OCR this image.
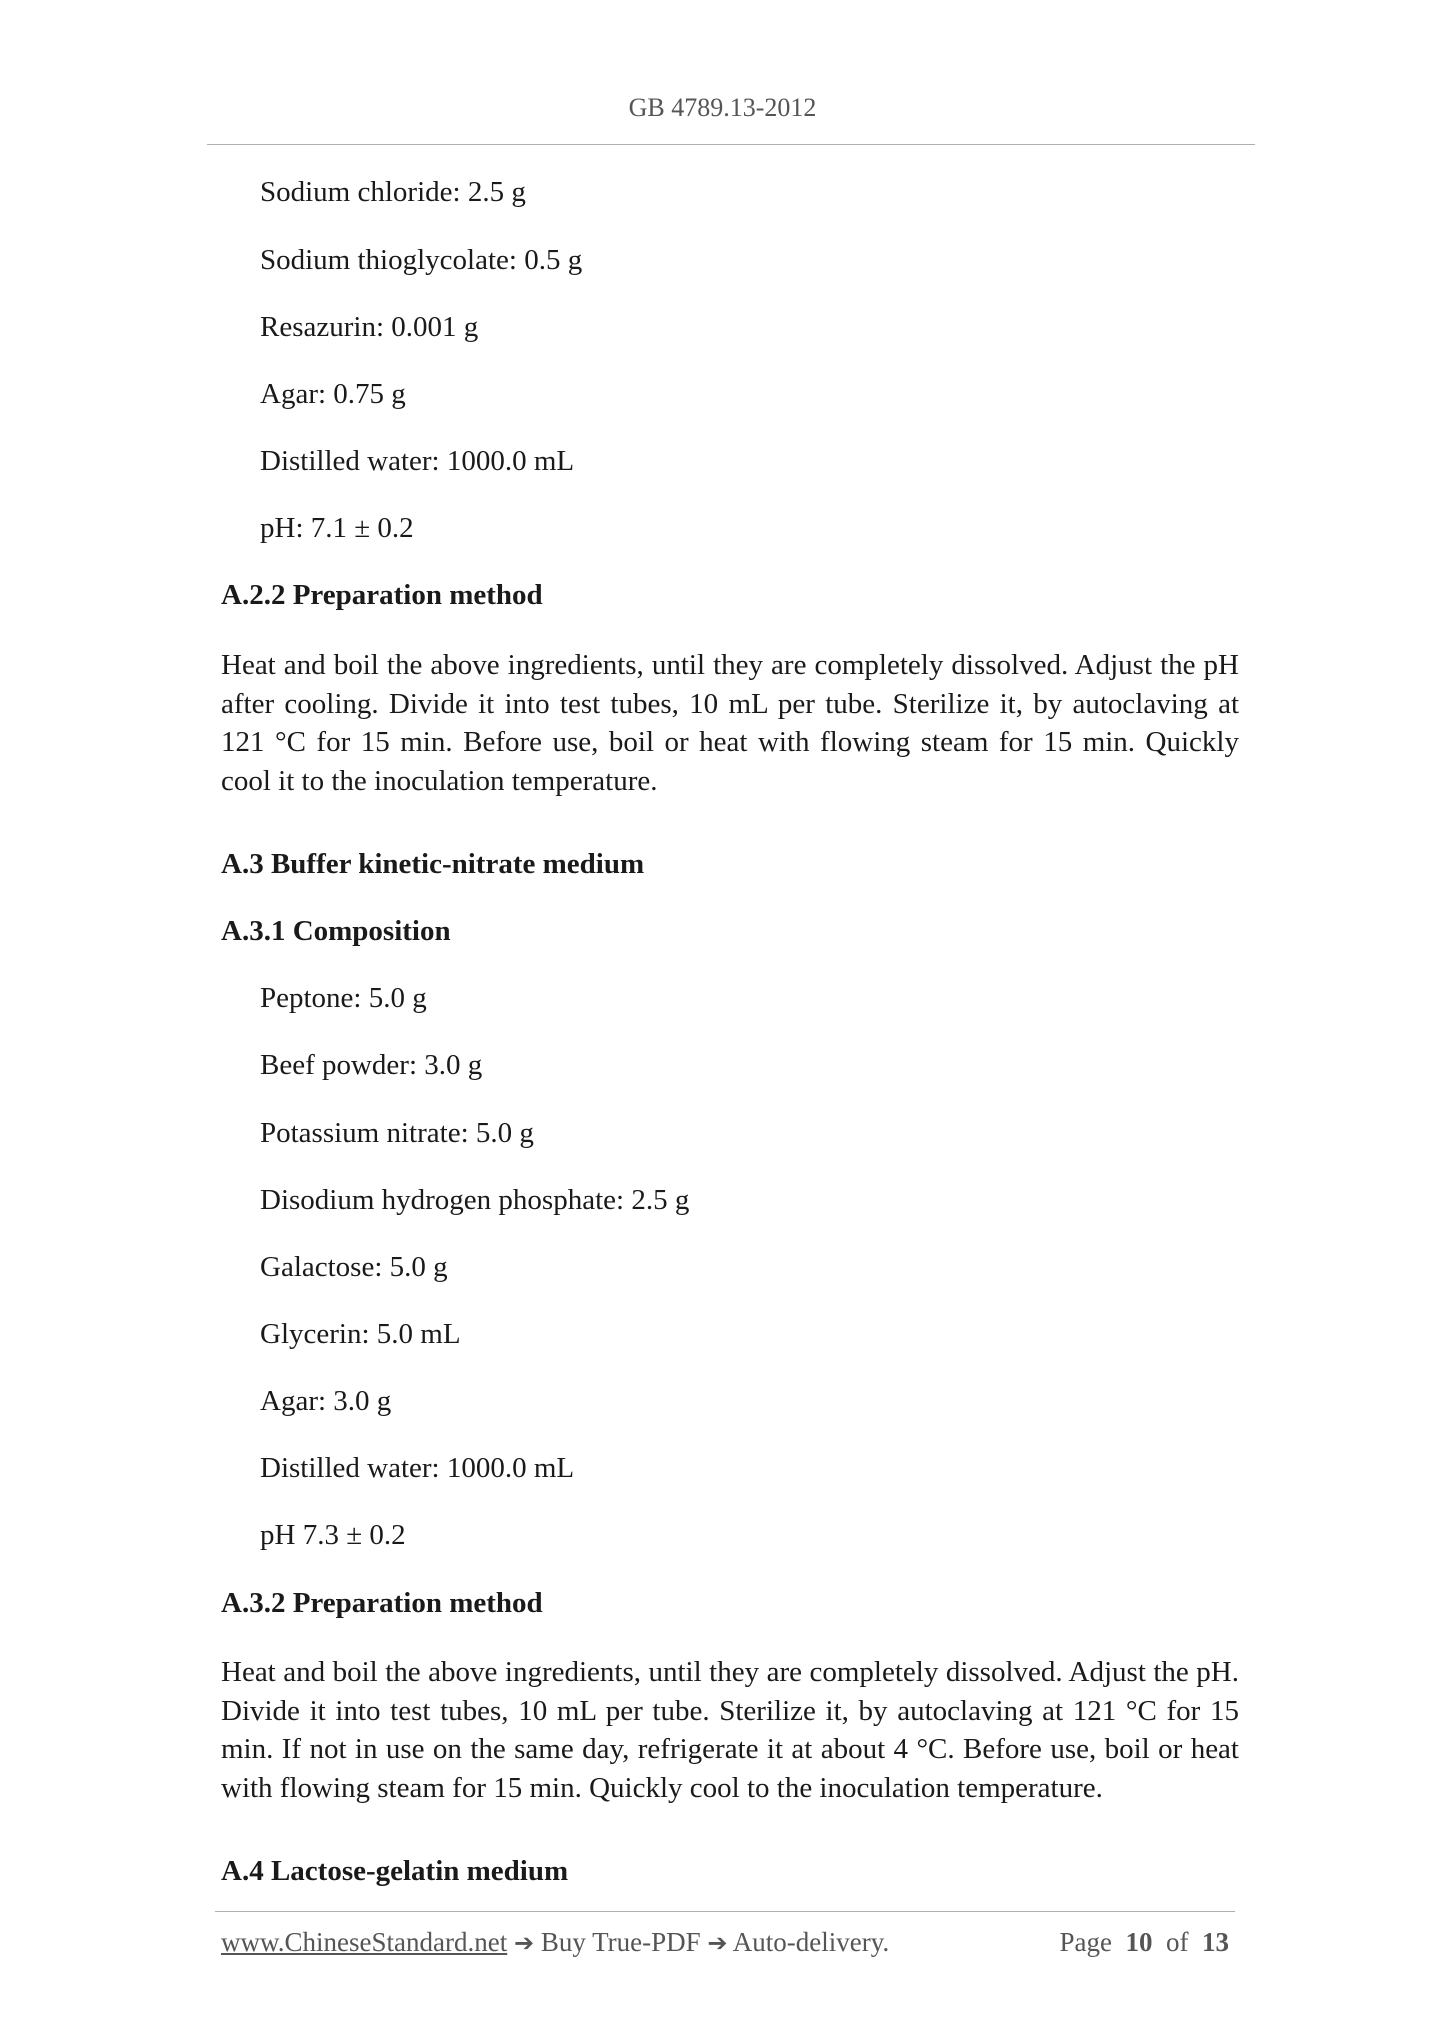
GB 4789.13-2012
Sodium chloride: 2.5 g
Sodium thioglycolate: 0.5 g
Resazurin: 0.001 g
Agar: 0.75 g
Distilled water: 1000.0 mL
pH: 7.1 ± 0.2
A.2.2 Preparation method
Heat and boil the above ingredients, until they are completely dissolved. Adjust the pH after cooling. Divide it into test tubes, 10 mL per tube. Sterilize it, by autoclaving at 121 °C for 15 min. Before use, boil or heat with flowing steam for 15 min. Quickly cool it to the inoculation temperature.
A.3 Buffer kinetic-nitrate medium
A.3.1 Composition
Peptone: 5.0 g
Beef powder: 3.0 g
Potassium nitrate: 5.0 g
Disodium hydrogen phosphate: 2.5 g
Galactose: 5.0 g
Glycerin: 5.0 mL
Agar: 3.0 g
Distilled water: 1000.0 mL
pH 7.3 ± 0.2
A.3.2 Preparation method
Heat and boil the above ingredients, until they are completely dissolved. Adjust the pH. Divide it into test tubes, 10 mL per tube. Sterilize it, by autoclaving at 121 °C for 15 min. If not in use on the same day, refrigerate it at about 4 °C. Before use, boil or heat with flowing steam for 15 min. Quickly cool to the inoculation temperature.
A.4 Lactose-gelatin medium
www.ChineseStandard.net ➔ Buy True-PDF ➔ Auto-delivery.	Page 10 of 13
